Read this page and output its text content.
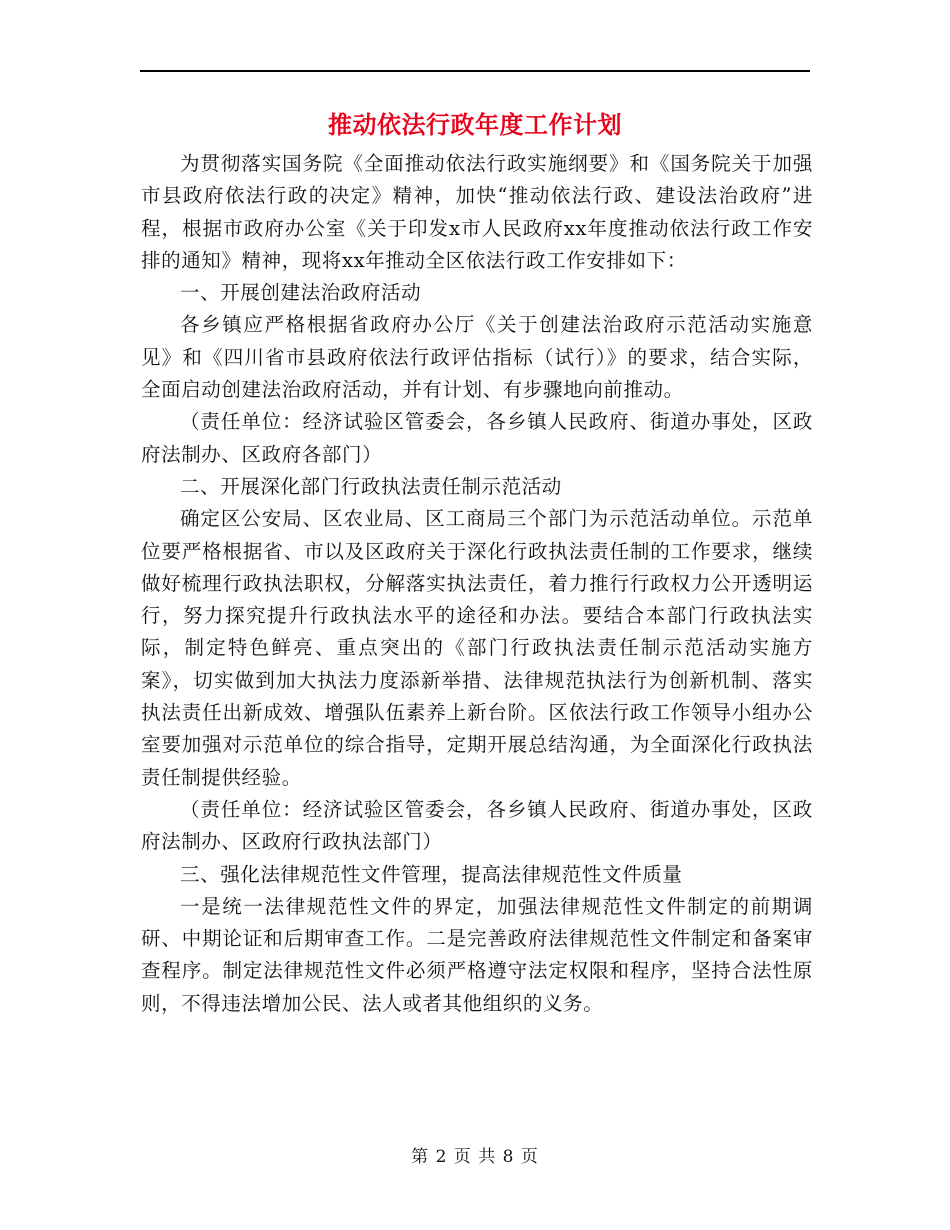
推动依法行政年度工作计划

为贯彻落实国务院《全面推动依法行政实施纲要》和《国务院关于加强市县政府依法行政的决定》精神，加快“推动依法行政、建设法治政府”进程，根据市政府办公室《关于印发x市人民政府xx年度推动依法行政工作安排的通知》精神，现将xx年推动全区依法行政工作安排如下：

一、开展创建法治政府活动

各乡镇应严格根据省政府办公厅《关于创建法治政府示范活动实施意见》和《四川省市县政府依法行政评估指标（试行）》的要求，结合实际，全面启动创建法治政府活动，并有计划、有步骤地向前推动。

（责任单位：经济试验区管委会，各乡镇人民政府、街道办事处，区政府法制办、区政府各部门）

二、开展深化部门行政执法责任制示范活动

确定区公安局、区农业局、区工商局三个部门为示范活动单位。示范单位要严格根据省、市以及区政府关于深化行政执法责任制的工作要求，继续做好梳理行政执法职权，分解落实执法责任，着力推行行政权力公开透明运行，努力探究提升行政执法水平的途径和办法。要结合本部门行政执法实际，制定特色鲜亮、重点突出的《部门行政执法责任制示范活动实施方案》，切实做到加大执法力度添新举措、法律规范执法行为创新机制、落实执法责任出新成效、增强队伍素养上新台阶。区依法行政工作领导小组办公室要加强对示范单位的综合指导，定期开展总结沟通，为全面深化行政执法责任制提供经验。

（责任单位：经济试验区管委会，各乡镇人民政府、街道办事处，区政府法制办、区政府行政执法部门）

三、强化法律规范性文件管理，提高法律规范性文件质量

一是统一法律规范性文件的界定，加强法律规范性文件制定的前期调研、中期论证和后期审查工作。二是完善政府法律规范性文件制定和备案审查程序。制定法律规范性文件必须严格遵守法定权限和程序，坚持合法性原则，不得违法增加公民、法人或者其他组织的义务。

第 2 页 共 8 页
